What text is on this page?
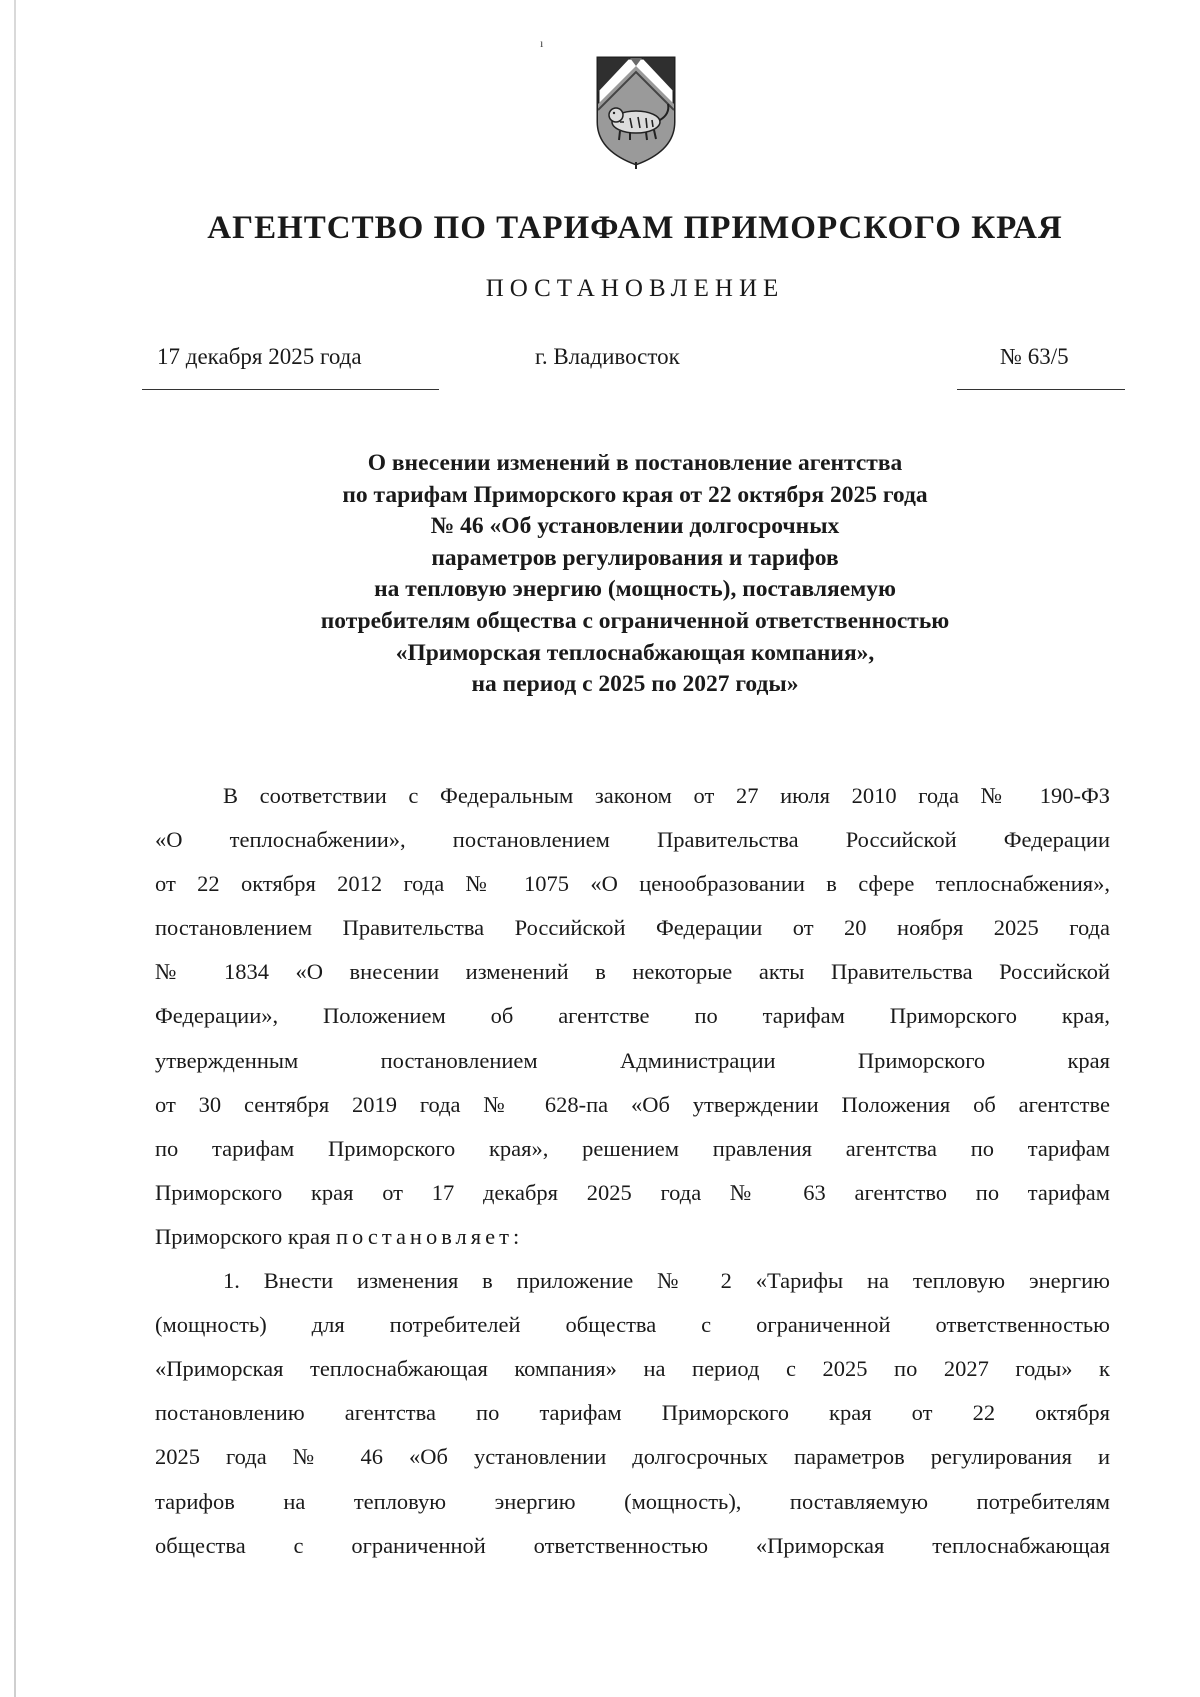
ı
АГЕНТСТВО ПО ТАРИФАМ ПРИМОРСКОГО КРАЯ
ПОСТАНОВЛЕНИЕ
17 декабря 2025 года	г. Владивосток	№ 63/5
О внесении изменений в постановление агентства
по тарифам Приморского края от 22 октября 2025 года
№ 46 «Об установлении долгосрочных
параметров регулирования и тарифов
на тепловую энергию (мощность), поставляемую
потребителям общества с ограниченной ответственностью
«Приморская теплоснабжающая компания»,
на период с 2025 по 2027 годы»
В соответствии с Федеральным законом от 27 июля 2010 года № 190-ФЗ
«О теплоснабжении», постановлением Правительства Российской Федерации
от 22 октября 2012 года № 1075 «О ценообразовании в сфере теплоснабжения»,
постановлением Правительства Российской Федерации от 20 ноября 2025 года
№ 1834 «О внесении изменений в некоторые акты Правительства Российской
Федерации», Положением об агентстве по тарифам Приморского края,
утвержденным постановлением Администрации Приморского края
от 30 сентября 2019 года № 628-па «Об утверждении Положения об агентстве
по тарифам Приморского края», решением правления агентства по тарифам
Приморского края от 17 декабря 2025 года № 63 агентство по тарифам
Приморского края постановляет:
1. Внести изменения в приложение № 2 «Тарифы на тепловую энергию
(мощность) для потребителей общества с ограниченной ответственностью
«Приморская теплоснабжающая компания» на период с 2025 по 2027 годы» к
постановлению агентства по тарифам Приморского края от 22 октября
2025 года № 46 «Об установлении долгосрочных параметров регулирования и
тарифов на тепловую энергию (мощность), поставляемую потребителям
общества с ограниченной ответственностью «Приморская теплоснабжающая
